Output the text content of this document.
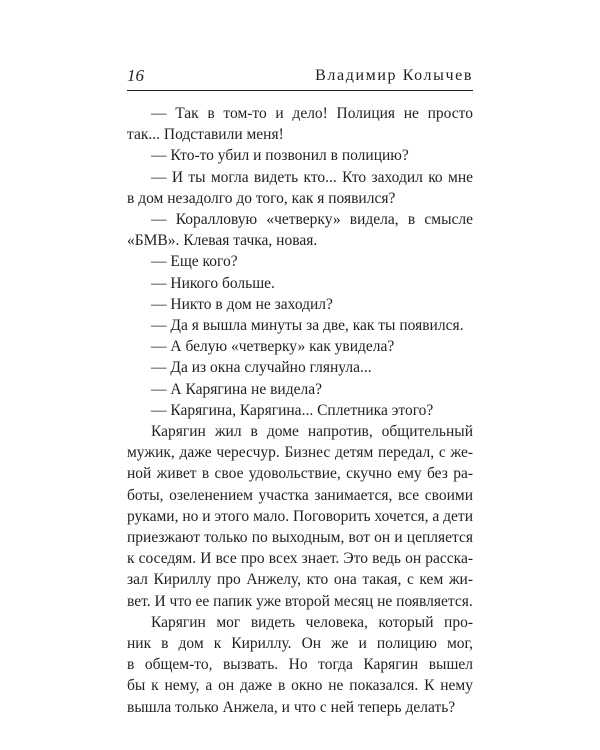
16	Владимир Колычев

— Так в том-то и дело! Полиция не просто
так... Подставили меня!

— Кто-то убил и позвонил в полицию?

— И ты могла видеть кто... Кто заходил ко мне
в дом незадолго до того, как я появился?

— Коралловую «четверку» видела, в смысле
«БМВ». Клевая тачка, новая.

— Еще кого?

— Никого больше.

— Никто в дом не заходил?

— Да я вышла минуты за две, как ты появился.

— А белую «четверку» как увидела?

— Да из окна случайно глянула...

— А Карягина не видела?

— Карягина, Карягина... Сплетника этого?

Карягин жил в доме напротив, общительный
мужик, даже чересчур. Бизнес детям передал, с же-
ной живет в свое удовольствие, скучно ему без ра-
боты, озеленением участка занимается, все своими
руками, но и этого мало. Поговорить хочется, а дети
приезжают только по выходным, вот он и цепляется
к соседям. И все про всех знает. Это ведь он расска-
зал Кириллу про Анжелу, кто она такая, с кем жи-
вет. И что ее папик уже второй месяц не появляется.

Карягин мог видеть человека, который про-
ник в дом к Кириллу. Он же и полицию мог,
в общем-то, вызвать. Но тогда Карягин вышел
бы к нему, а он даже в окно не показался. К нему
вышла только Анжела, и что с ней теперь делать?
